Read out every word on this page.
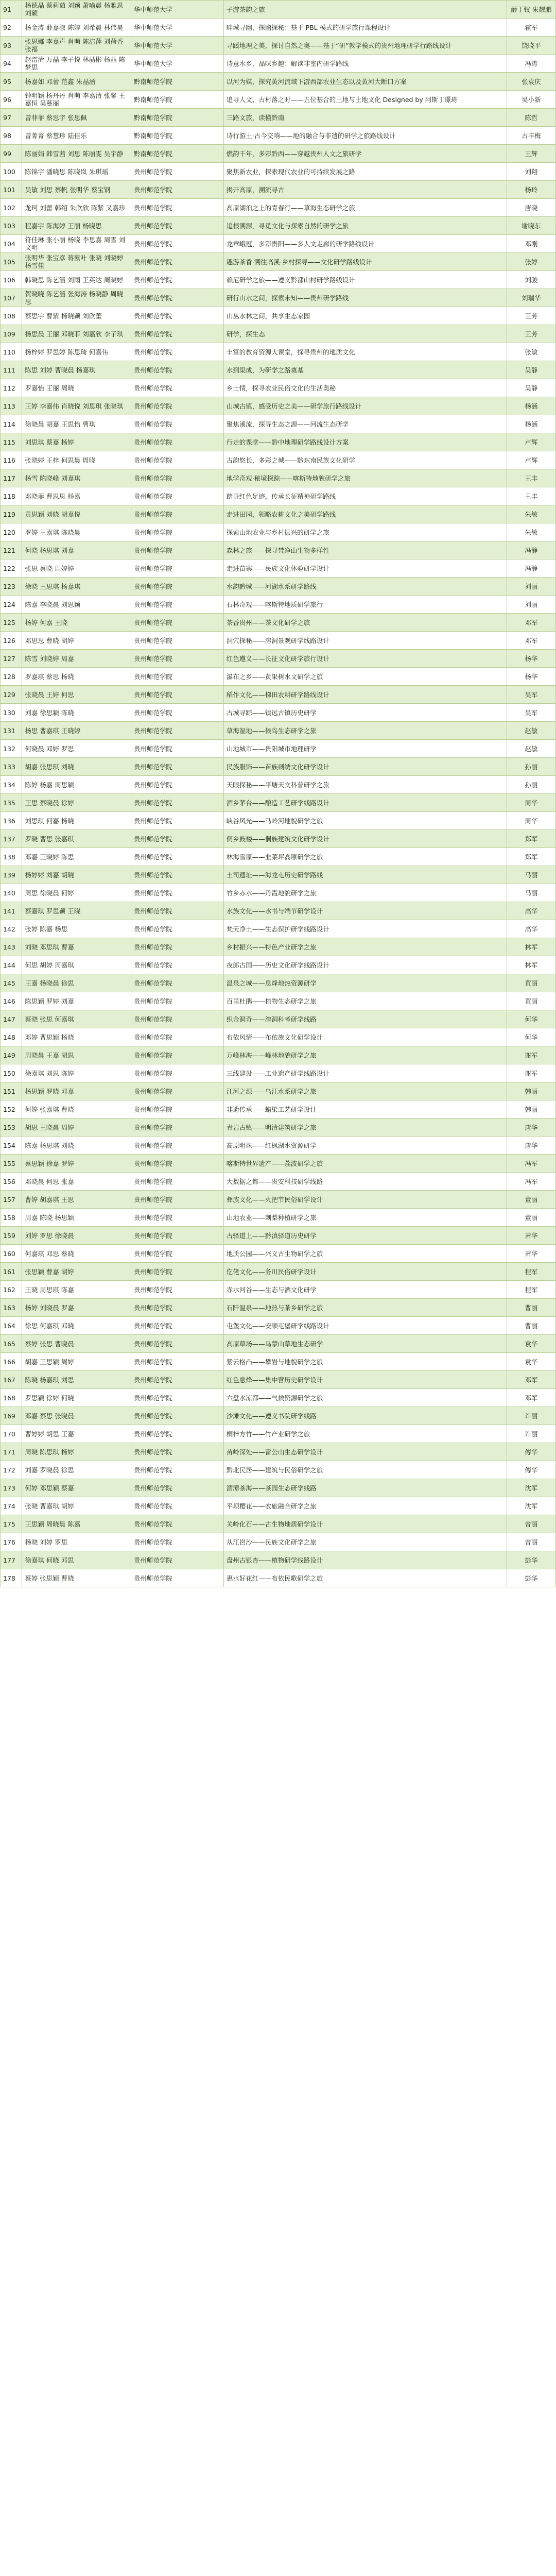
91	杨德晶 蔡莉茹 刘颖 萧喻晨 杨雅思 刘颖	华中师范大学	子游茶韵之旅	薛丁钗 朱耀鹏
92	杨金涛 薛嘉淑 陈婷 刘希晨 林伟昊	华中师范大学	畔城寻幽，探幽探秘：基于 PBL 模式的研学旅行课程设计	霍军
93	张思娜 李嘉声 肖萌 陈洁萍 刘荷香 张福	华中师范大学	寻蹊地理之美，探讨自然之奥——基于“研”教学模式的贵州地理研学行路线设计	饶晓平
94	赵雷清 万晶 李子悦 林晶彬 杨晶 陈梦思	华中师范大学	诗意水乡，品味乡趣：解读非室内研学路线	冯涛
95	杨嘉如 邓蕾 范鑫 朱晶涵	黔南师范学院	以河为媒，探究黄河流域下游西部农业生态以及黄河大断口方案	张袁庆
96	钟明颖 杨丹丹 肖萌 李嘉清 张馨 王嘉恒 吴蔓丽	黔南师范学院	追寻人文、古村落之时——五位基合的土地与土地文化 Designed by 阿斯丁璟琦	吴小新
97	曾菲菲 蔡思宇 张思佩	黔南师范学院	三路文旅，读懂黔南	陈哲
98	曾菁菁 蔡慧珍 陆佳乐	黔南师范学院	诗行游土·古今交响——地的融合与非遗的研学之旅路线设计	古丰梅
99	陈丽娟 韩雪茜 刘思 陈丽雯 吴宇静	黔南师范学院	燃韵千年，多彩黔西——穿越贵州人文之旅研学	王辉
100	陈锦宇 潘晓思 陈晓岚 朱琪瑶	贵州师范学院	聚焦新农业，探索现代农业的可持续发展之路	刘翔
101	吴敏 刘思 蔡帆 张明华 蔡宝钢	贵州师范学院	揭开高原，溯流寻古	杨玲
102	龙珂 刘蕾 韩绍 朱欣欣 陈紫 又嘉珍	贵州师范学院	高原湖泊之上的青春行——草海生态研学之旅	唐晓
103	程嘉宇 陈海婷 王丽 杨晓思	贵州师范学院	追根溯源，寻觅文化与探索自然的研学之旅	谢晓东
104	符佳琳 张小丽 杨晓 李思嘉 周雪 刘文明	贵州师范学院	龙章峨冠，多彩贵阳——多人文走廊的研学路线设计	邓刚
105	张明华 张宝彦 蒋紫叶 张晓 刘晓婷 杨雪佳	贵州师范学院	趣游茶香·溯往高溪·乡村探寻——文化研学路线设计	张婷
106	韩晓思 陈艺涵 刘雨 王英达 周晓婷	贵州师范学院	赖尼研学之旅——遵义黔都山村研学路线设计	刘骏
107	贺晓晓 陈艺涵 张海涛 杨晓静 周晓思	贵州师范学院	研行山水之间，探索未知——贵州研学路线	刘瑞华
108	蔡思宇 曹紫 杨晓颖 刘欣蕾	贵州师范学院	山丛水林之间，共享生态家园	王芳
109	杨思晨 王丽 邓晓菲 刘嘉欣 李子琪	贵州师范学院	研学，探生态	王芳
110	杨梓婷 罗思婷 陈思琦 何嘉伟	贵州师范学院	丰富的教育资源大课堂，探寻贵州的地质文化	张敏
111	陈思 刘婷 曹晓晨 杨嘉琪	贵州师范学院	水到渠成，为研学之路奠基	吴静
112	罗嘉怡 王丽 周晓	贵州师范学院	乡土情，探寻农业民俗文化的生活奥秘	吴静
113	王婷 李嘉伟 肖晓悦 刘思琪 张晓琪	贵州师范学院	山城古镇，感受历史之美——研学旅行路线设计	杨涵
114	徐晓晨 胡嘉 王思怡 曹琪	贵州师范学院	聚焦溪流，探寻生态之源——河流生态研学	杨涵
115	刘思琪 蔡嘉 杨婷	贵州师范学院	行走的课堂——黔中地理研学路线设计方案	卢辉
116	张晓婷 王梓 何思晨 周晓	贵州师范学院	古韵悠长，多彩之城——黔东南民族文化研学	卢辉
117	杨雪 陈晓峰 刘嘉琪	贵州师范学院	地学奇观·秘境探踪——喀斯特地貌研学之旅	王丰
118	邓晓菲 曹思思 杨嘉	贵州师范学院	踏寻红色足迹，传承长征精神研学路线	王丰
119	黄思颖 刘晓 胡嘉悦	贵州师范学院	走进田园，领略农耕文化之美研学路线	朱敏
120	罗婷 王嘉琪 陈晓晨	贵州师范学院	探索山地农业与乡村振兴的研学之旅	朱敏
121	何晓 杨思琪 刘嘉	贵州师范学院	森林之旅——探寻梵净山生物多样性	冯静
122	张思 蔡晓 周婷婷	贵州师范学院	走进苗寨——民族文化体验研学设计	冯静
123	徐晓 王思琪 杨嘉琪	贵州师范学院	水韵黔城——河湖水系研学路线	刘丽
124	陈嘉 李晓晨 刘思颖	贵州师范学院	石林奇观——喀斯特地质研学旅行	刘丽
125	杨婷 何嘉 王晓	贵州师范学院	茶香贵州——茶文化研学之旅	邓军
126	邓思思 曹晓 胡婷	贵州师范学院	洞穴探秘——溶洞景观研学线路设计	邓军
127	陈雪 刘晓婷 周嘉	贵州师范学院	红色遵义——长征文化研学旅行设计	杨华
128	罗嘉琪 蔡思 杨晓	贵州师范学院	瀑布之乡——黄果树水文研学之旅	杨华
129	张晓晨 王婷 何思	贵州师范学院	稻作文化——梯田农耕研学路线设计	吴军
130	刘嘉 徐思颖 陈晓	贵州师范学院	古城寻踪——镇远古镇历史研学	吴军
131	杨思 曹嘉琪 王晓婷	贵州师范学院	草海湿地——候鸟生态研学之旅	赵敏
132	何晓晨 邓婷 罗思	贵州师范学院	山地城市——贵阳城市地理研学	赵敏
133	胡嘉 张思琪 刘晓	贵州师范学院	民族服饰——苗族刺绣文化研学设计	孙丽
134	陈婷 杨嘉 周思颖	贵州师范学院	天眼探秘——平塘天文科普研学之旅	孙丽
135	王思 蔡晓晨 徐婷	贵州师范学院	酒乡茅台——酿造工艺研学线路设计	周华
136	刘思琪 何嘉 杨晓	贵州师范学院	峡谷风光——马岭河地貌研学之旅	周华
137	罗晓 曹思 张嘉琪	贵州师范学院	侗乡鼓楼——侗族建筑文化研学设计	郑军
138	邓嘉 王晓婷 陈思	贵州师范学院	林海雪原——韭菜坪高原研学之旅	郑军
139	杨婷婷 刘嘉 胡晓	贵州师范学院	土司遗址——海龙屯历史研学路线	马丽
140	周思 徐晓晨 何婷	贵州师范学院	竹乡赤水——丹霞地貌研学之旅	马丽
141	蔡嘉琪 罗思颖 王晓	贵州师范学院	水族文化——水书与端节研学设计	高华
142	张婷 陈嘉 杨思	贵州师范学院	梵天净土——生态保护研学线路设计	高华
143	刘晓 邓思琪 曹嘉	贵州师范学院	乡村振兴——特色产业研学之旅	林军
144	何思 胡婷 周嘉琪	贵州师范学院	夜郎古国——历史文化研学线路设计	林军
145	王嘉 杨晓晨 徐思	贵州师范学院	温泉之城——息烽地热资源研学	黄丽
146	陈思颖 罗婷 刘嘉	贵州师范学院	百里杜鹃——植物生态研学之旅	黄丽
147	蔡晓 张思 何嘉琪	贵州师范学院	织金洞奇——溶洞科考研学线路	何华
148	邓婷 曹思颖 杨晓	贵州师范学院	布依风情——布依族文化研学设计	何华
149	周晓晨 王嘉 胡思	贵州师范学院	万峰林海——峰林地貌研学之旅	谢军
150	徐嘉琪 刘思 陈婷	贵州师范学院	三线建设——工业遗产研学线路设计	谢军
151	杨思颖 罗晓 邓嘉	贵州师范学院	江河之源——乌江水系研学之旅	韩丽
152	何婷 张嘉琪 曹晓	贵州师范学院	非遗传承——蜡染工艺研学设计	韩丽
153	胡思 王晓晨 周婷	贵州师范学院	青岩古镇——明清建筑研学之旅	唐华
154	陈嘉 杨思琪 刘晓	贵州师范学院	高原明珠——红枫湖水资源研学	唐华
155	蔡思颖 徐嘉 罗婷	贵州师范学院	喀斯特世界遗产——荔波研学之旅	冯军
156	邓晓晨 何思 张嘉	贵州师范学院	大数据之都——贵安科技研学线路	冯军
157	曹婷 胡嘉琪 王思	贵州师范学院	彝族文化——火把节民俗研学设计	董丽
158	周嘉 陈晓 杨思颖	贵州师范学院	山地农业——刺梨种植研学之旅	董丽
159	刘婷 罗思 徐晓晨	贵州师范学院	古驿道上——黔滇驿道历史研学	萧华
160	何嘉琪 邓思 蔡晓	贵州师范学院	地质公园——兴义古生物研学之旅	萧华
161	张思颖 曹嘉 胡婷	贵州师范学院	仡佬文化——务川民俗研学设计	程军
162	王晓 周思琪 陈嘉	贵州师范学院	赤水河谷——生态与酒文化研学	程军
163	杨婷 刘晓晨 罗嘉	贵州师范学院	石阡温泉——地热与茶乡研学之旅	曹丽
164	徐思 何嘉琪 邓晓	贵州师范学院	屯堡文化——安顺屯堡研学线路设计	曹丽
165	蔡婷 张思 曹晓晨	贵州师范学院	高原草场——乌蒙山草地生态研学	袁华
166	胡嘉 王思颖 周婷	贵州师范学院	紫云格凸——攀岩与地貌研学之旅	袁华
167	陈晓 杨嘉琪 刘思	贵州师范学院	红色息烽——集中营历史研学设计	邓军
168	罗思颖 徐婷 何晓	贵州师范学院	六盘水凉都——气候资源研学之旅	邓军
169	邓嘉 蔡思 张晓晨	贵州师范学院	沙滩文化——遵义书院研学线路	许丽
170	曹婷婷 胡思 王嘉	贵州师范学院	桐梓方竹——竹产业研学之旅	许丽
171	周晓 陈思琪 杨婷	贵州师范学院	苗岭深处——雷公山生态研学设计	傅华
172	刘嘉 罗晓晨 徐思	贵州师范学院	黔北民居——建筑与民俗研学之旅	傅华
173	何婷 邓思颖 蔡嘉	贵州师范学院	湄潭茶海——茶园生态研学线路	沈军
174	张晓 曹嘉琪 胡婷	贵州师范学院	平坝樱花——农旅融合研学之旅	沈军
175	王思颖 周晓晨 陈嘉	贵州师范学院	关岭化石——古生物地质研学设计	曾丽
176	杨晓 刘婷 罗思	贵州师范学院	从江岜沙——民族文化研学之旅	曾丽
177	徐嘉琪 何晓 邓思	贵州师范学院	盘州古银杏——植物研学线路设计	彭华
178	蔡婷 张思颖 曹晓	贵州师范学院	惠水好花红——布依民歌研学之旅	彭华
